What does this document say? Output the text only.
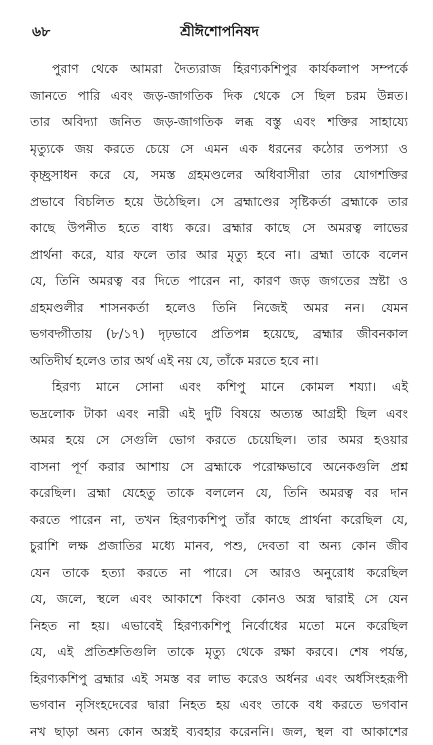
৬৮	শ্রীঈশোপনিষদ
পুরাণ থেকে আমরা দৈত্যরাজ হিরণ্যকশিপুর কার্যকলাপ সম্পর্কে
জানতে পারি এবং জড়-জাগতিক দিক থেকে সে ছিল চরম উন্নত।
তার অবিদ্যা জনিত জড়-জাগতিক লব্ধ বস্তু এবং শক্তির সাহায্যে
মৃত্যুকে জয় করতে চেয়ে সে এমন এক ধরনের কঠোর তপস্যা ও
কৃচ্ছ্রসাধন করে যে, সমস্ত গ্রহমণ্ডলের অধিবাসীরা তার যোগশক্তির
প্রভাবে বিচলিত হয়ে উঠেছিল। সে ব্রহ্মাণ্ডের সৃষ্টিকর্তা ব্রহ্মাকে তার
কাছে উপনীত হতে বাধ্য করে। ব্রহ্মার কাছে সে অমরত্ব লাভের
প্রার্থনা করে, যার ফলে তার আর মৃত্যু হবে না। ব্রহ্মা তাকে বলেন
যে, তিনি অমরত্ব বর দিতে পারেন না, কারণ জড় জগতের স্রষ্টা ও
গ্রহমণ্ডলীর শাসনকর্তা হলেও তিনি নিজেই অমর নন। যেমন
ভগবদ্গীতায় (৮/১৭) দৃঢ়ভাবে প্রতিপন্ন হয়েছে, ব্রহ্মার জীবনকাল
অতিদীর্ঘ হলেও তার অর্থ এই নয় যে, তাঁকে মরতে হবে না।
হিরণ্য মানে সোনা এবং কশিপু মানে কোমল শয্যা। এই
ভদ্রলোক টাকা এবং নারী এই দুটি বিষয়ে অত্যন্ত আগ্রহী ছিল এবং
অমর হয়ে সে সেগুলি ভোগ করতে চেয়েছিল। তার অমর হওয়ার
বাসনা পূর্ণ করার আশায় সে ব্রহ্মাকে পরোক্ষভাবে অনেকগুলি প্রশ্ন
করেছিল। ব্রহ্মা যেহেতু তাকে বললেন যে, তিনি অমরত্ব বর দান
করতে পারেন না, তখন হিরণ্যকশিপু তাঁর কাছে প্রার্থনা করেছিল যে,
চুরাশি লক্ষ প্রজাতির মধ্যে মানব, পশু, দেবতা বা অন্য কোন জীব
যেন তাকে হত্যা করতে না পারে। সে আরও অনুরোধ করেছিল
যে, জলে, স্থলে এবং আকাশে কিংবা কোনও অস্ত্র দ্বারাই সে যেন
নিহত না হয়। এভাবেই হিরণ্যকশিপু নির্বোধের মতো মনে করেছিল
যে, এই প্রতিশ্রুতিগুলি তাকে মৃত্যু থেকে রক্ষা করবে। শেষ পর্যন্ত,
হিরণ্যকশিপু ব্রহ্মার এই সমস্ত বর লাভ করেও অর্ধনর এবং অর্ধসিংহরূপী
ভগবান নৃসিংহদেবের দ্বারা নিহত হয় এবং তাকে বধ করতে ভগবান
নখ ছাড়া অন্য কোন অস্ত্রই ব্যবহার করেননি। জল, স্থল বা আকাশের
